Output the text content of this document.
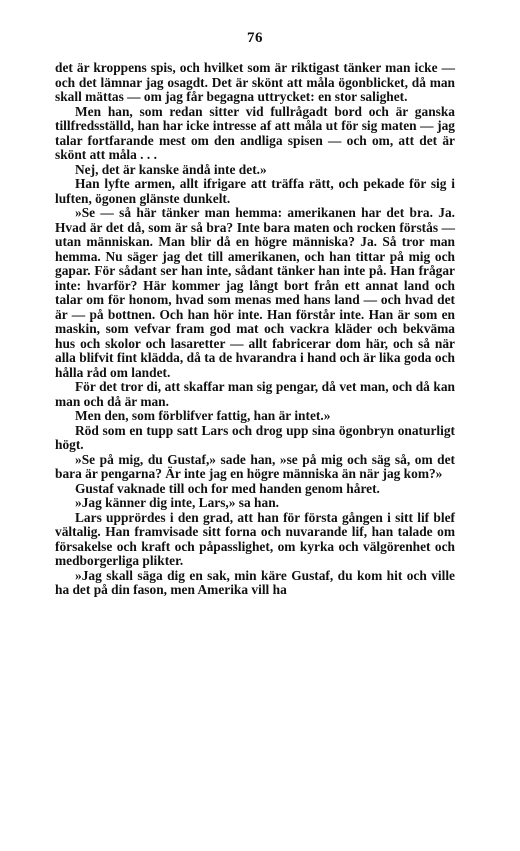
76

det är kroppens spis, och hvilket som är riktigast tänker man icke — och det lämnar jag osagdt. Det är skönt att måla ögonblicket, då man skall mättas — om jag får begagna uttrycket: en stor salighet.

Men han, som redan sitter vid fullrågadt bord och är ganska tillfredsställd, han har icke intresse af att måla ut för sig maten — jag talar fortfarande mest om den andliga spisen — och om, att det är skönt att måla . . .

Nej, det är kanske ändå inte det.»

Han lyfte armen, allt ifrigare att träffa rätt, och pekade för sig i luften, ögonen glänste dunkelt.

»Se — så här tänker man hemma: amerikanen har det bra. Ja. Hvad är det då, som är så bra? Inte bara maten och rocken förstås — utan människan. Man blir då en högre människa? Ja. Så tror man hemma. Nu säger jag det till amerikanen, och han tittar på mig och gapar. För sådant ser han inte, sådant tänker han inte på. Han frågar inte: hvarför? Här kommer jag långt bort från ett annat land och talar om för honom, hvad som menas med hans land — och hvad det är — på bottnen. Och han hör inte. Han förstår inte. Han är som en maskin, som vefvar fram god mat och vackra kläder och bekväma hus och skolor och lasaretter — allt fabricerar dom här, och så när alla blifvit fint klädda, då ta de hvarandra i hand och är lika goda och hålla råd om landet.

För det tror di, att skaffar man sig pengar, då vet man, och då kan man och då är man.

Men den, som förblifver fattig, han är intet.»

Röd som en tupp satt Lars och drog upp sina ögonbryn onaturligt högt.

»Se på mig, du Gustaf,» sade han, »se på mig och säg så, om det bara är pengarna? Är inte jag en högre människa än när jag kom?»

Gustaf vaknade till och for med handen genom håret.

»Jag känner dig inte, Lars,» sa han.

Lars upprördes i den grad, att han för första gången i sitt lif blef vältalig. Han framvisade sitt forna och nuvarande lif, han talade om försakelse och kraft och påpasslighet, om kyrka och välgörenhet och medborgerliga plikter.

»Jag skall säga dig en sak, min käre Gustaf, du kom hit och ville ha det på din fason, men Amerika vill ha
